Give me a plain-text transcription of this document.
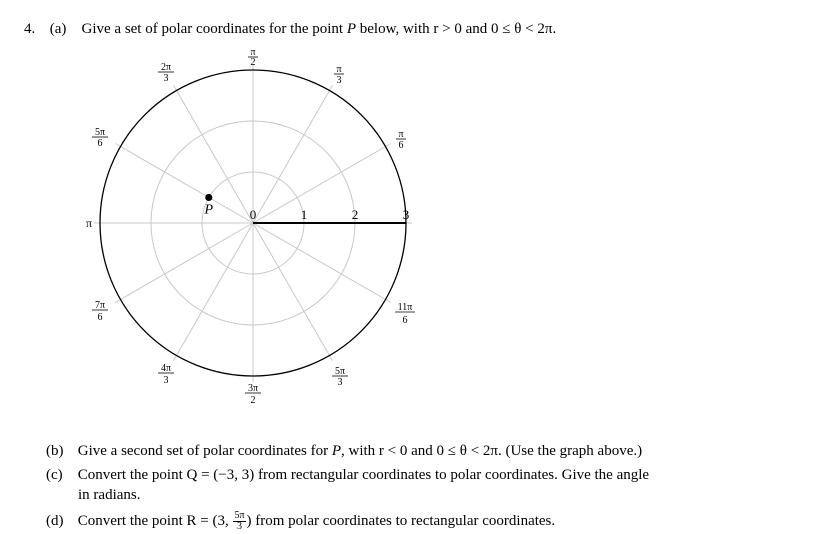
4. (a) Give a set of polar coordinates for the point P below, with r > 0 and 0 ≤ θ < 2π.
0	1	2	3
P
π
2
π
3
π
6
2π
3
5π
6
π
7π
6
4π
3
3π
2
5π
3
11π
6
(b) Give a second set of polar coordinates for P, with r < 0 and 0 ≤ θ < 2π. (Use the graph above.)
(c) Convert the point Q = (−3, 3) from rectangular coordinates to polar coordinates. Give the angle
in radians.
(d) Convert the point R = (3, $\frac{5\pi}{3}$ ) from polar coordinates to rectangular coordinates.
